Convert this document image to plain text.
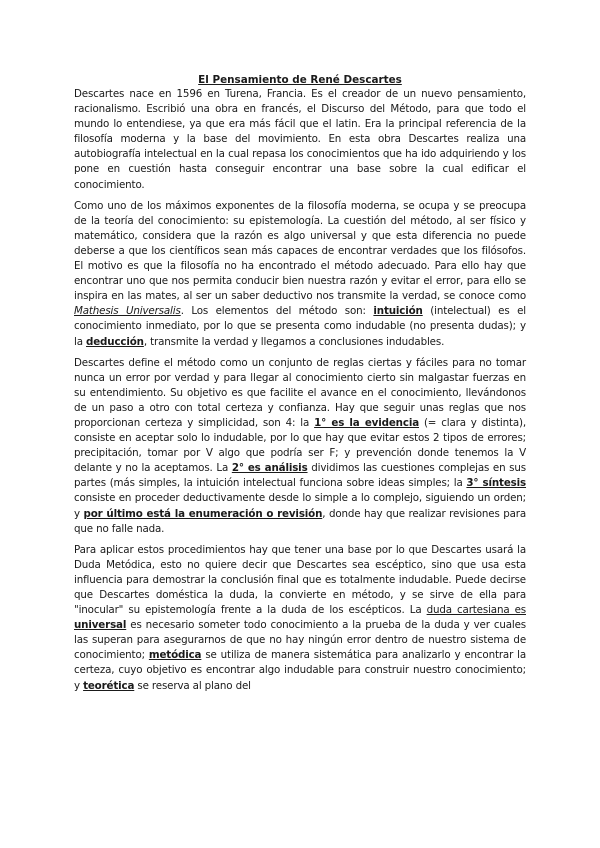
El Pensamiento de René Descartes

Descartes nace en 1596 en Turena, Francia. Es el creador de un nuevo pensamiento, racionalismo. Escribió una obra en francés, el Discurso del Método, para que todo el mundo lo entendiese, ya que era más fácil que el latin. Era la principal referencia de la filosofía moderna y la base del movimiento. En esta obra Descartes realiza una autobiografía intelectual en la cual repasa los conocimientos que ha ido adquiriendo y los pone en cuestión hasta conseguir encontrar una base sobre la cual edificar el conocimiento.

Como uno de los máximos exponentes de la filosofía moderna, se ocupa y se preocupa de la teoría del conocimiento: su epistemología. La cuestión del método, al ser físico y matemático, considera que la razón es algo universal y que esta diferencia no puede deberse a que los científicos sean más capaces de encontrar verdades que los filósofos. El motivo es que la filosofía no ha encontrado el método adecuado. Para ello hay que encontrar uno que nos permita conducir bien nuestra razón y evitar el error, para ello se inspira en las mates, al ser un saber deductivo nos transmite la verdad, se conoce como Mathesis Universalis. Los elementos del método son: intuición (intelectual) es el conocimiento inmediato, por lo que se presenta como indudable (no presenta dudas); y la deducción, transmite la verdad y llegamos a conclusiones indudables.

Descartes define el método como un conjunto de reglas ciertas y fáciles para no tomar nunca un error por verdad y para llegar al conocimiento cierto sin malgastar fuerzas en su entendimiento. Su objetivo es que facilite el avance en el conocimiento, llevándonos de un paso a otro con total certeza y confianza. Hay que seguir unas reglas que nos proporcionan certeza y simplicidad, son 4: la 1° es la evidencia (= clara y distinta), consiste en aceptar solo lo indudable, por lo que hay que evitar estos 2 tipos de errores; precipitación, tomar por V algo que podría ser F; y prevención donde tenemos la V delante y no la aceptamos. La 2° es análisis dividimos las cuestiones complejas en sus partes (más simples, la intuición intelectual funciona sobre ideas simples; la 3° síntesis consiste en proceder deductivamente desde lo simple a lo complejo, siguiendo un orden; y por último está la enumeración o revisión, donde hay que realizar revisiones para que no falle nada.

Para aplicar estos procedimientos hay que tener una base por lo que Descartes usará la Duda Metódica, esto no quiere decir que Descartes sea escéptico, sino que usa esta influencia para demostrar la conclusión final que es totalmente indudable. Puede decirse que Descartes doméstica la duda, la convierte en método, y se sirve de ella para "inocular" su epistemología frente a la duda de los escépticos. La duda cartesiana es universal es necesario someter todo conocimiento a la prueba de la duda y ver cuales las superan para asegurarnos de que no hay ningún error dentro de nuestro sistema de conocimiento; metódica se utiliza de manera sistemática para analizarlo y encontrar la certeza, cuyo objetivo es encontrar algo indudable para construir nuestro conocimiento; y teorética se reserva al plano del
